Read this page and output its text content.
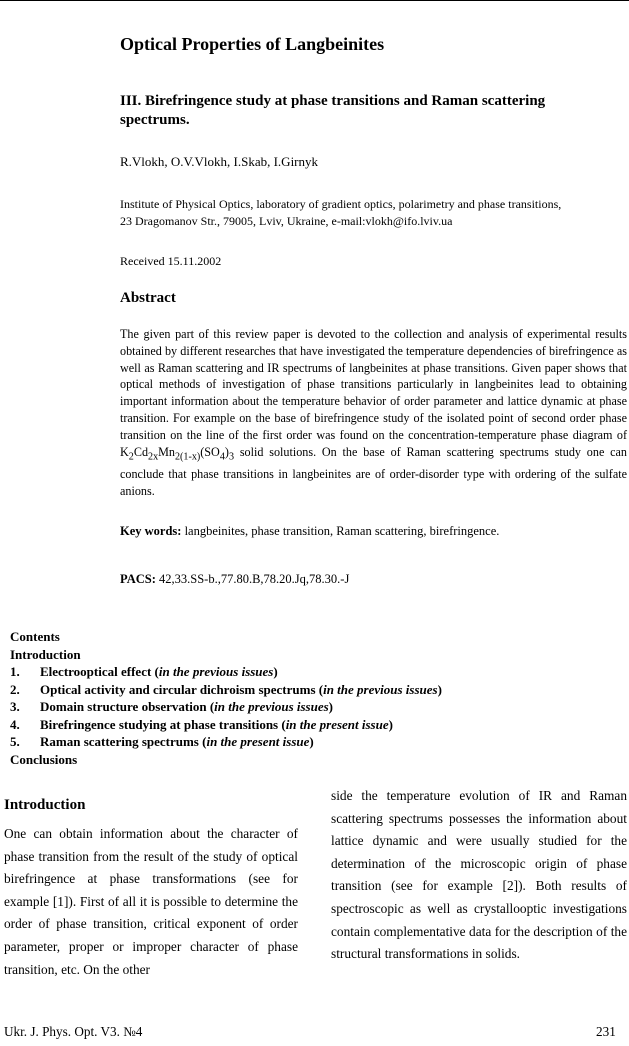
Optical Properties of Langbeinites
III. Birefringence study at phase transitions and Raman scattering spectrums.
R.Vlokh, O.V.Vlokh, I.Skab, I.Girnyk
Institute of Physical Optics, laboratory of gradient optics, polarimetry and phase transitions,
23 Dragomanov Str., 79005, Lviv, Ukraine, e-mail:vlokh@ifo.lviv.ua
Received 15.11.2002
Abstract
The given part of this review paper is devoted to the collection and analysis of experimental results obtained by different researches that have investigated the temperature dependencies of birefringence as well as Raman scattering and IR spectrums of langbeinites at phase transitions. Given paper shows that optical methods of investigation of phase transitions particularly in langbeinites lead to obtaining important information about the temperature behavior of order parameter and lattice dynamic at phase transition. For example on the base of birefringence study of the isolated point of second order phase transition on the line of the first order was found on the concentration-temperature phase diagram of $K_2Cd_{2x}Mn_{2(1-x)}(SO_4)_3$ solid solutions. On the base of Raman scattering spectrums study one can conclude that phase transitions in langbeinites are of order-disorder type with ordering of the sulfate anions.
Key words: langbeinites, phase transition, Raman scattering, birefringence.
PACS: 42,33.SS-b.,77.80.B,78.20.Jq,78.30.-J
Contents
Introduction
1. Electrooptical effect (in the previous issues)
2. Optical activity and circular dichroism spectrums (in the previous issues)
3. Domain structure observation (in the previous issues)
4. Birefringence studying at phase transitions (in the present issue)
5. Raman scattering spectrums (in the present issue)
Conclusions
Introduction
One can obtain information about the character of phase transition from the result of the study of optical birefringence at phase transformations (see for example [1]). First of all it is possible to determine the order of phase transition, critical exponent of order parameter, proper or improper character of phase transition, etc. On the other
side the temperature evolution of IR and Raman scattering spectrums possesses the information about lattice dynamic and were usually studied for the determination of the microscopic origin of phase transition (see for example [2]). Both results of spectroscopic as well as crystallooptic investigations contain complementative data for the description of the structural transformations in solids.
Ukr. J. Phys. Opt. V3. №4	231
